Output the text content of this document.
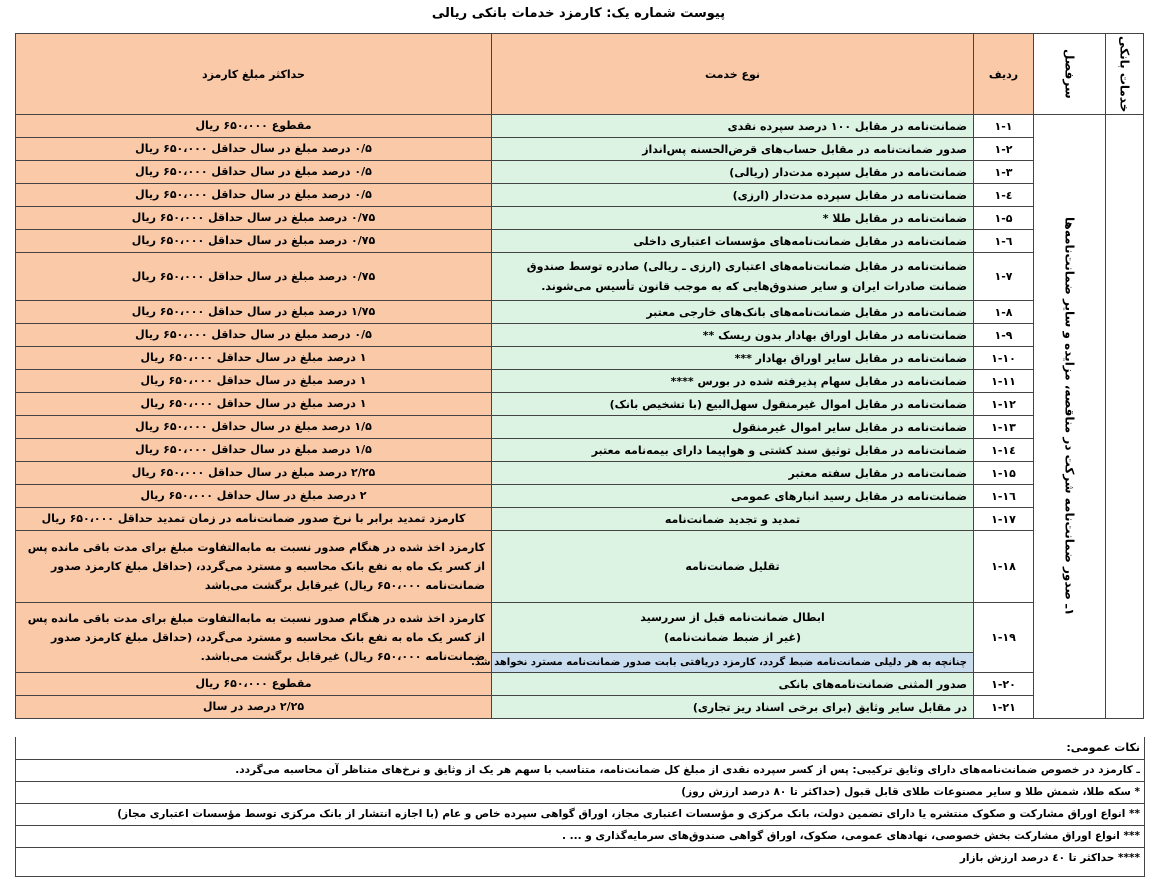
پیوست شماره یک: کارمزد خدمات بانکی ریالی
خدمات بانکی	سرفصل	ردیف	نوع خدمت	حداکثر مبلغ کارمزد

	۱ـ صدور ضمانت‌نامه شرکت در مناقصه، مزایده و سایر ضمانت‌نامه‌ها	۱-۱	ضمانت‌نامه در مقابل ۱۰۰ درصد سپرده نقدی	مقطوع ۶۵۰،۰۰۰ ریال
		۱-۲	صدور ضمانت‌نامه در مقابل حساب‌های قرض‌الحسنه پس‌انداز	۰/۵ درصد مبلغ در سال حداقل ۶۵۰،۰۰۰ ریال
		۱-۳	ضمانت‌نامه در مقابل سپرده مدت‌دار (ریالی)	۰/۵ درصد مبلغ در سال حداقل ۶۵۰،۰۰۰ ریال
		۱-٤	ضمانت‌نامه در مقابل سپرده مدت‌دار (ارزی)	۰/۵ درصد مبلغ در سال حداقل ۶۵۰،۰۰۰ ریال
		۱-۵	ضمانت‌نامه در مقابل طلا *	۰/۷۵ درصد مبلغ در سال حداقل ۶۵۰،۰۰۰ ریال
		۱-٦	ضمانت‌نامه در مقابل ضمانت‌نامه‌های مؤسسات اعتباری داخلی	۰/۷۵ درصد مبلغ در سال حداقل ۶۵۰،۰۰۰ ریال
		۱-۷	ضمانت‌نامه در مقابل ضمانت‌نامه‌های اعتباری (ارزی ـ ریالی) صادره توسط صندوق ضمانت صادرات ایران و سایر صندوق‌هایی که به موجب قانون تأسیس می‌شوند.	۰/۷۵ درصد مبلغ در سال حداقل ۶۵۰،۰۰۰ ریال
		۱-۸	ضمانت‌نامه در مقابل ضمانت‌نامه‌های بانک‌های خارجی معتبر	۱/۷۵ درصد مبلغ در سال حداقل ۶۵۰،۰۰۰ ریال
		۱-۹	ضمانت‌نامه در مقابل اوراق بهادار بدون ریسک **	۰/۵ درصد مبلغ در سال حداقل ۶۵۰،۰۰۰ ریال
		۱-۱۰	ضمانت‌نامه در مقابل سایر اوراق بهادار ***	۱ درصد مبلغ در سال حداقل ۶۵۰،۰۰۰ ریال
		۱-۱۱	ضمانت‌نامه در مقابل سهام پذیرفته شده در بورس ****	۱ درصد مبلغ در سال حداقل ۶۵۰،۰۰۰ ریال
		۱-۱۲	ضمانت‌نامه در مقابل اموال غیرمنقول سهل‌البیع (با تشخیص بانک)	۱ درصد مبلغ در سال حداقل ۶۵۰،۰۰۰ ریال
		۱-۱۳	ضمانت‌نامه در مقابل سایر اموال غیرمنقول	۱/۵ درصد مبلغ در سال حداقل ۶۵۰،۰۰۰ ریال
		۱-۱٤	ضمانت‌نامه در مقابل توثیق سند کشتی و هواپیما دارای بیمه‌نامه معتبر	۱/۵ درصد مبلغ در سال حداقل ۶۵۰،۰۰۰ ریال
		۱-۱۵	ضمانت‌نامه در مقابل سفته معتبر	۲/۲۵ درصد مبلغ در سال حداقل ۶۵۰،۰۰۰ ریال
		۱-۱٦	ضمانت‌نامه در مقابل رسید انبارهای عمومی	۲ درصد مبلغ در سال حداقل ۶۵۰،۰۰۰ ریال
		۱-۱۷	تمدید و تجدید ضمانت‌نامه	کارمزد تمدید برابر با نرخ صدور ضمانت‌نامه در زمان تمدید حداقل ۶۵۰،۰۰۰ ریال
		۱-۱۸	تقلیل ضمانت‌نامه	کارمزد اخذ شده در هنگام صدور نسبت به مابه‌التفاوت مبلغ برای مدت باقی مانده پس از کسر یک ماه به نفع بانک محاسبه و مسترد می‌گردد، (حداقل مبلغ کارمزد صدور ضمانت‌نامه ۶۵۰،۰۰۰ ریال) غیرقابل برگشت می‌باشد
		۱-۱۹	ابطال ضمانت‌نامه قبل از سررسید
(غیر از ضبط ضمانت‌نامه)	کارمزد اخذ شده در هنگام صدور نسبت به مابه‌التفاوت مبلغ برای مدت باقی مانده پس از کسر یک ماه به نفع بانک محاسبه و مسترد می‌گردد، (حداقل مبلغ کارمزد صدور ضمانت‌نامه ۶۵۰،۰۰۰ ریال) غیرقابل برگشت می‌باشد.
			چنانچه به هر دلیلی ضمانت‌نامه ضبط گردد، کارمزد دریافتی بابت صدور ضمانت‌نامه مسترد نخواهد شد.	
		۱-۲۰	صدور المثنی ضمانت‌نامه‌های بانکی	مقطوع ۶۵۰،۰۰۰ ریال
		۱-۲۱	در مقابل سایر وثایق (برای برخی اسناد ریز تجاری)	۲/۲۵ درصد در سال
نکات عمومی:
ـ کارمزد در خصوص ضمانت‌نامه‌های دارای وثایق ترکیبی: پس از کسر سپرده نقدی از مبلغ کل ضمانت‌نامه، متناسب با سهم هر یک از وثایق و نرخ‌های متناظر آن محاسبه می‌گردد.
* سکه طلا، شمش طلا و سایر مصنوعات طلای قابل قبول (حداکثر تا ۸۰ درصد ارزش روز)
** انواع اوراق مشارکت و صکوک منتشره یا دارای تضمین دولت، بانک مرکزی و مؤسسات اعتباری مجاز، اوراق گواهی سپرده خاص و عام (با اجازه انتشار از بانک مرکزی توسط مؤسسات اعتباری مجاز)
*** انواع اوراق مشارکت بخش خصوصی، نهادهای عمومی، صکوک، اوراق گواهی صندوق‌های سرمایه‌گذاری و ... .
**** حداکثر تا ٤۰ درصد ارزش بازار
